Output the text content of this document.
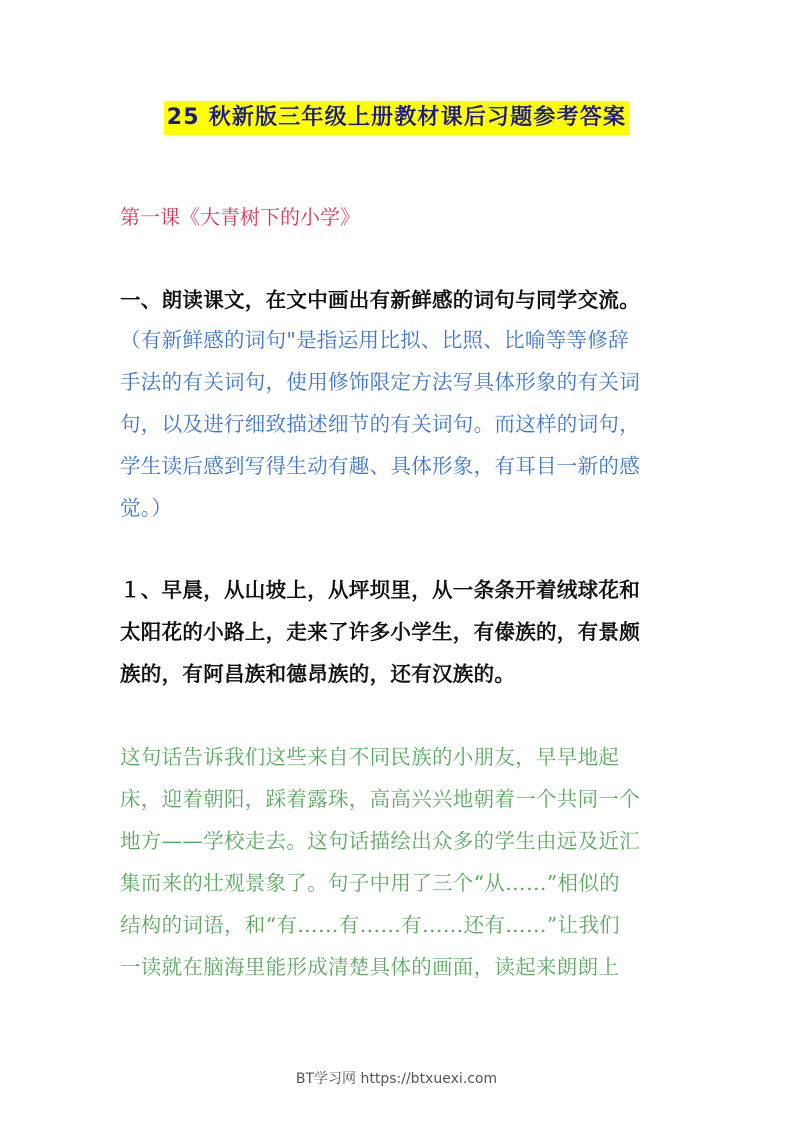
25 秋新版三年级上册教材课后习题参考答案
第一课《大青树下的小学》
一、朗读课文，在文中画出有新鲜感的词句与同学交流。
（有新鲜感的词句"是指运用比拟、比照、比喻等等修辞
手法的有关词句，使用修饰限定方法写具体形象的有关词
句，以及进行细致描述细节的有关词句。而这样的词句，
学生读后感到写得生动有趣、具体形象，有耳目一新的感
觉。）
１、早晨，从山坡上，从坪坝里，从一条条开着绒球花和
太阳花的小路上，走来了许多小学生，有傣族的，有景颇
族的，有阿昌族和德昂族的，还有汉族的。
这句话告诉我们这些来自不同民族的小朋友，早早地起
床，迎着朝阳，踩着露珠，高高兴兴地朝着一个共同一个
地方——学校走去。这句话描绘出众多的学生由远及近汇
集而来的壮观景象了。句子中用了三个“从……”相似的
结构的词语，和“有……有……有……还有……”让我们
一读就在脑海里能形成清楚具体的画面，读起来朗朗上
BT学习网 https://btxuexi.com
